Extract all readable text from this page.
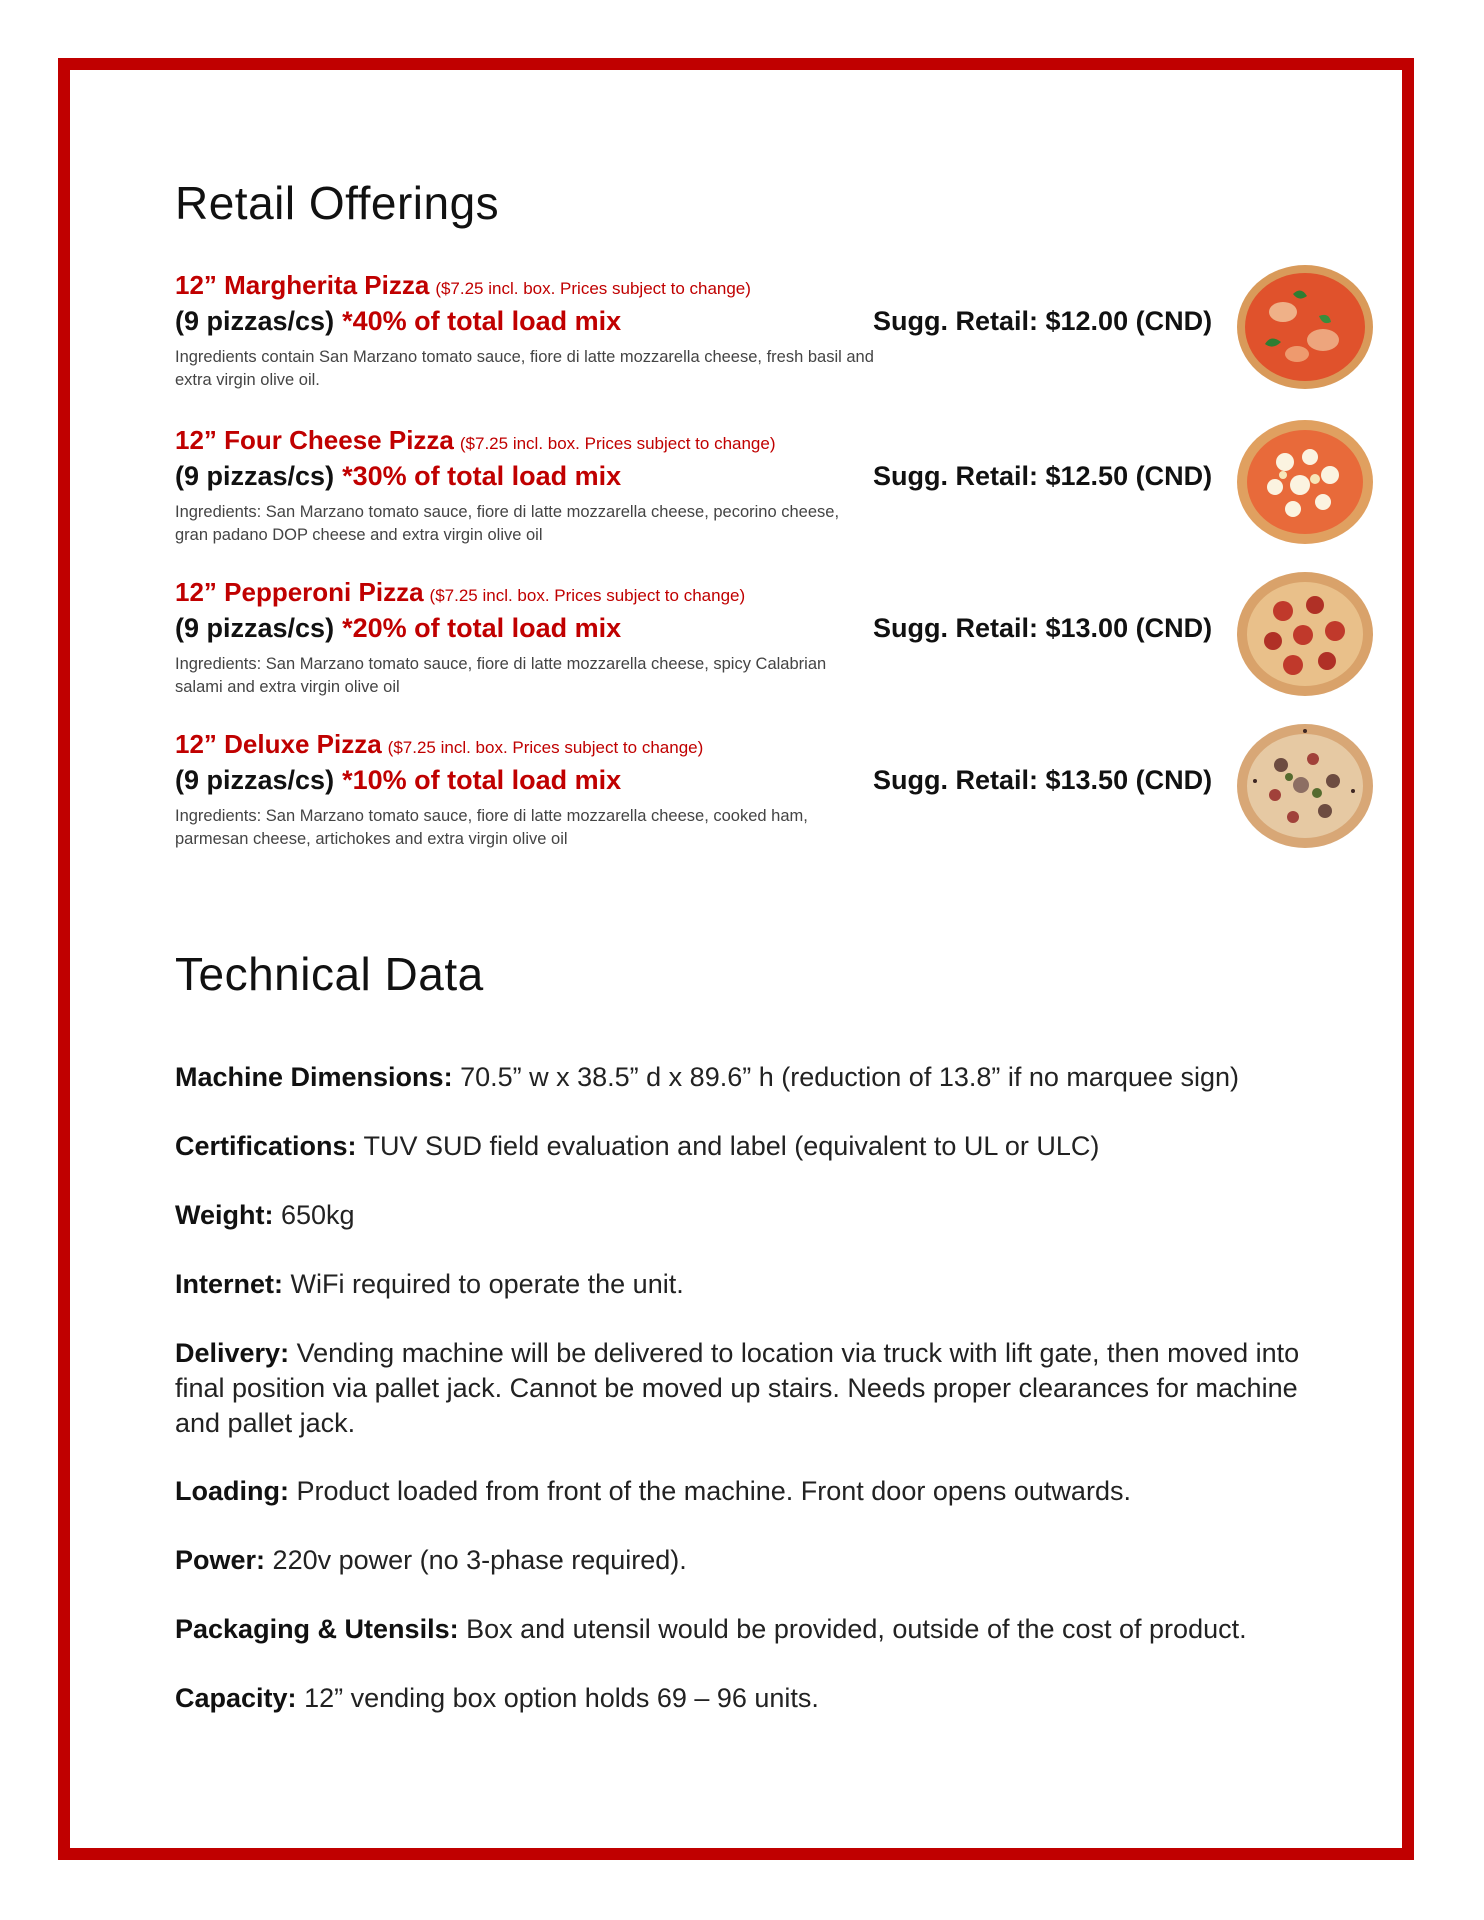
Retail Offerings
12” Margherita Pizza ($7.25 incl. box. Prices subject to change)
(9 pizzas/cs) *40% of total load mix
Ingredients contain San Marzano tomato sauce, fiore di latte mozzarella cheese, fresh basil and extra virgin olive oil.
Sugg. Retail: $12.00 (CND)
12” Four Cheese Pizza ($7.25 incl. box. Prices subject to change)
(9 pizzas/cs) *30% of total load mix
Ingredients: San Marzano tomato sauce, fiore di latte mozzarella cheese, pecorino cheese, gran padano DOP cheese and extra virgin olive oil
Sugg. Retail: $12.50 (CND)
12” Pepperoni Pizza ($7.25 incl. box. Prices subject to change)
(9 pizzas/cs) *20% of total load mix
Ingredients: San Marzano tomato sauce, fiore di latte mozzarella cheese, spicy Calabrian salami and extra virgin olive oil
Sugg. Retail: $13.00 (CND)
12” Deluxe Pizza ($7.25 incl. box. Prices subject to change)
(9 pizzas/cs) *10% of total load mix
Ingredients: San Marzano tomato sauce, fiore di latte mozzarella cheese, cooked ham, parmesan cheese, artichokes and extra virgin olive oil
Sugg. Retail: $13.50 (CND)
Technical Data
Machine Dimensions: 70.5” w x 38.5” d x 89.6” h (reduction of 13.8” if no marquee sign)
Certifications: TUV SUD field evaluation and label (equivalent to UL or ULC)
Weight: 650kg
Internet: WiFi required to operate the unit.
Delivery: Vending machine will be delivered to location via truck with lift gate, then moved into final position via pallet jack. Cannot be moved up stairs. Needs proper clearances for machine and pallet jack.
Loading: Product loaded from front of the machine. Front door opens outwards.
Power: 220v power (no 3-phase required).
Packaging & Utensils: Box and utensil would be provided, outside of the cost of product.
Capacity: 12” vending box option holds 69 – 96 units.
